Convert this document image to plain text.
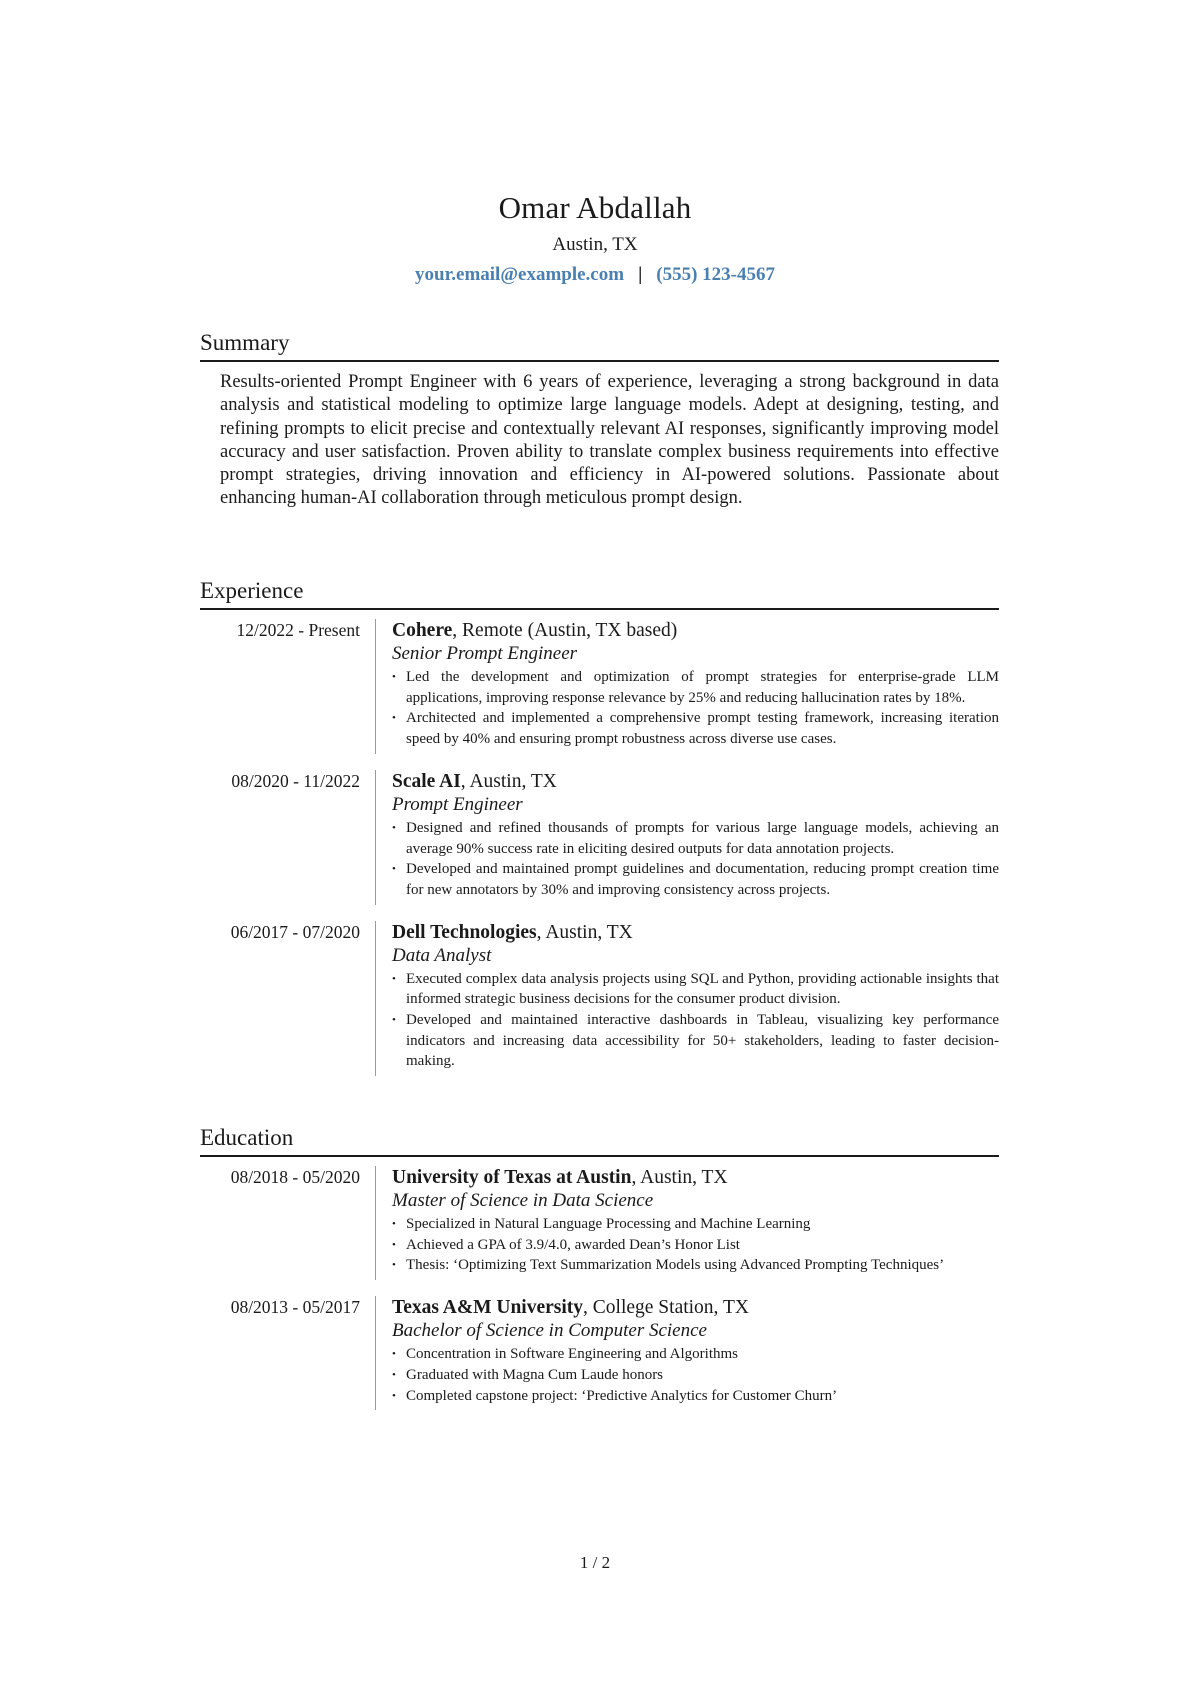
Omar Abdallah
Austin, TX
your.email@example.com | (555) 123-4567
Summary

Results-oriented Prompt Engineer with 6 years of experience, leveraging a strong background in data analysis and statistical modeling to optimize large language models. Adept at designing, testing, and refining prompts to elicit precise and contextually relevant AI responses, significantly improving model accuracy and user satisfaction. Proven ability to translate complex business requirements into effective prompt strategies, driving innovation and efficiency in AI-powered solutions. Passionate about enhancing human-AI collaboration through meticulous prompt design.

Experience
12/2022 - Present	Cohere, Remote (Austin, TX based)
Senior Prompt Engineer
• Led the development and optimization of prompt strategies for enterprise-grade LLM applications, improving response relevance by 25% and reducing hallucination rates by 18%.
• Architected and implemented a comprehensive prompt testing framework, increasing iteration speed by 40% and ensuring prompt robustness across diverse use cases.
08/2020 - 11/2022	Scale AI, Austin, TX
Prompt Engineer
• Designed and refined thousands of prompts for various large language models, achieving an average 90% success rate in eliciting desired outputs for data annotation projects.
• Developed and maintained prompt guidelines and documentation, reducing prompt creation time for new annotators by 30% and improving consistency across projects.
06/2017 - 07/2020	Dell Technologies, Austin, TX
Data Analyst
• Executed complex data analysis projects using SQL and Python, providing actionable insights that informed strategic business decisions for the consumer product division.
• Developed and maintained interactive dashboards in Tableau, visualizing key performance indicators and increasing data accessibility for 50+ stakeholders, leading to faster decision-making.
Education
08/2018 - 05/2020	University of Texas at Austin, Austin, TX
Master of Science in Data Science
• Specialized in Natural Language Processing and Machine Learning
• Achieved a GPA of 3.9/4.0, awarded Dean’s Honor List
• Thesis: ‘Optimizing Text Summarization Models using Advanced Prompting Techniques’
08/2013 - 05/2017	Texas A&M University, College Station, TX
Bachelor of Science in Computer Science
• Concentration in Software Engineering and Algorithms
• Graduated with Magna Cum Laude honors
• Completed capstone project: ‘Predictive Analytics for Customer Churn’
1 / 2
